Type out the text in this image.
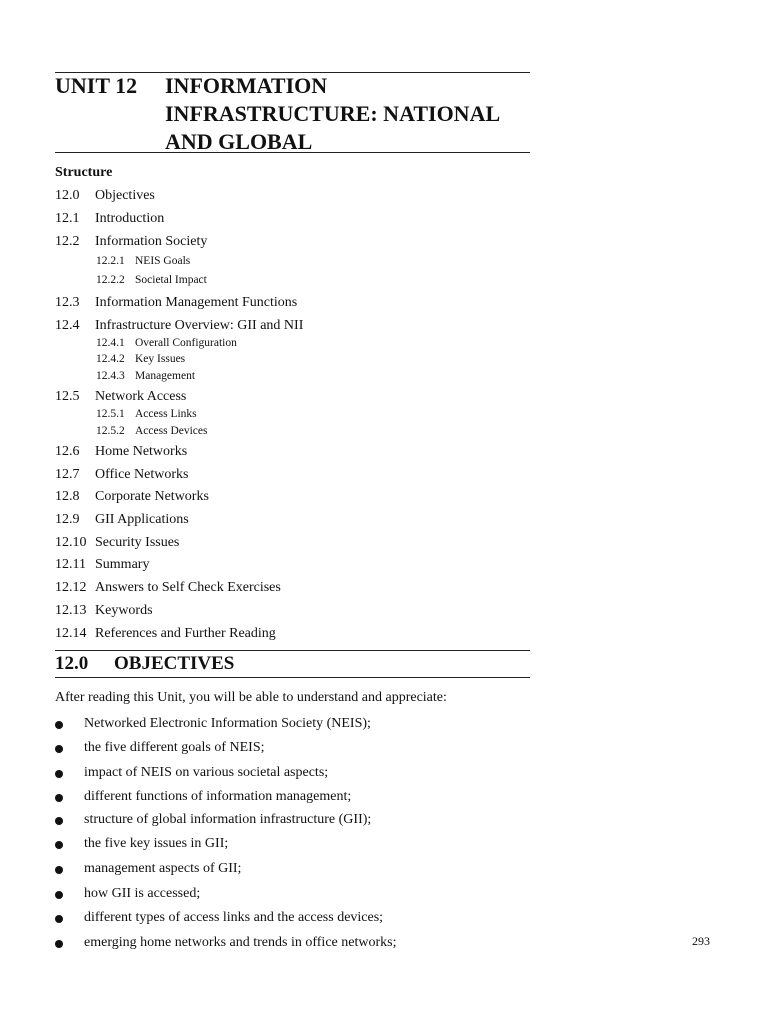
UNIT 12 INFORMATION
INFRASTRUCTURE: NATIONAL
AND GLOBAL
Structure
12.0 Objectives
12.1 Introduction
12.2 Information Society
12.2.1 NEIS Goals
12.2.2 Societal Impact
12.3 Information Management Functions
12.4 Infrastructure Overview: GII and NII
12.4.1 Overall Configuration
12.4.2 Key Issues
12.4.3 Management
12.5 Network Access
12.5.1 Access Links
12.5.2 Access Devices
12.6 Home Networks
12.7 Office Networks
12.8 Corporate Networks
12.9 GII Applications
12.10 Security Issues
12.11 Summary
12.12 Answers to Self Check Exercises
12.13 Keywords
12.14 References and Further Reading
12.0 OBJECTIVES
After reading this Unit, you will be able to understand and appreciate:
Networked Electronic Information Society (NEIS);
the five different goals of NEIS;
impact of NEIS on various societal aspects;
different functions of information management;
structure of global information infrastructure (GII);
the five key issues in GII;
management aspects of GII;
how GII is accessed;
different types of access links and the access devices;
emerging home networks and trends in office networks;	293
